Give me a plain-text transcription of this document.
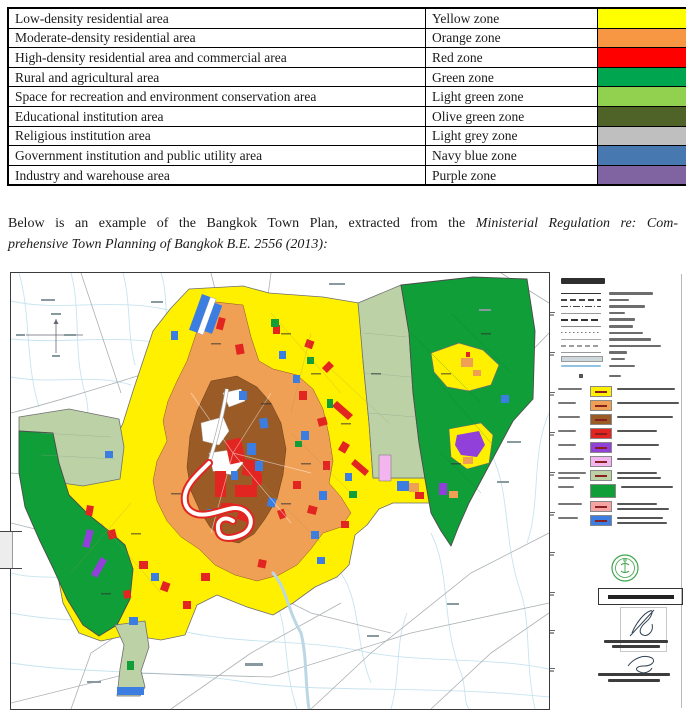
Low-density residential area	Yellow zone	
Moderate-density residential area	Orange zone	
High-density residential area and commercial area	Red zone	
Rural and agricultural area	Green zone	
Space for recreation and environment conservation area	Light green zone	
Educational institution area	Olive green zone	
Religious institution area	Light grey zone	
Government institution and public utility area	Navy blue zone	
Industry and warehouse area	Purple zone	
Below is an example of the Bangkok Town Plan, extracted from the Ministerial Regulation re: Com-
prehensive Town Planning of Bangkok B.E. 2556 (2013):
